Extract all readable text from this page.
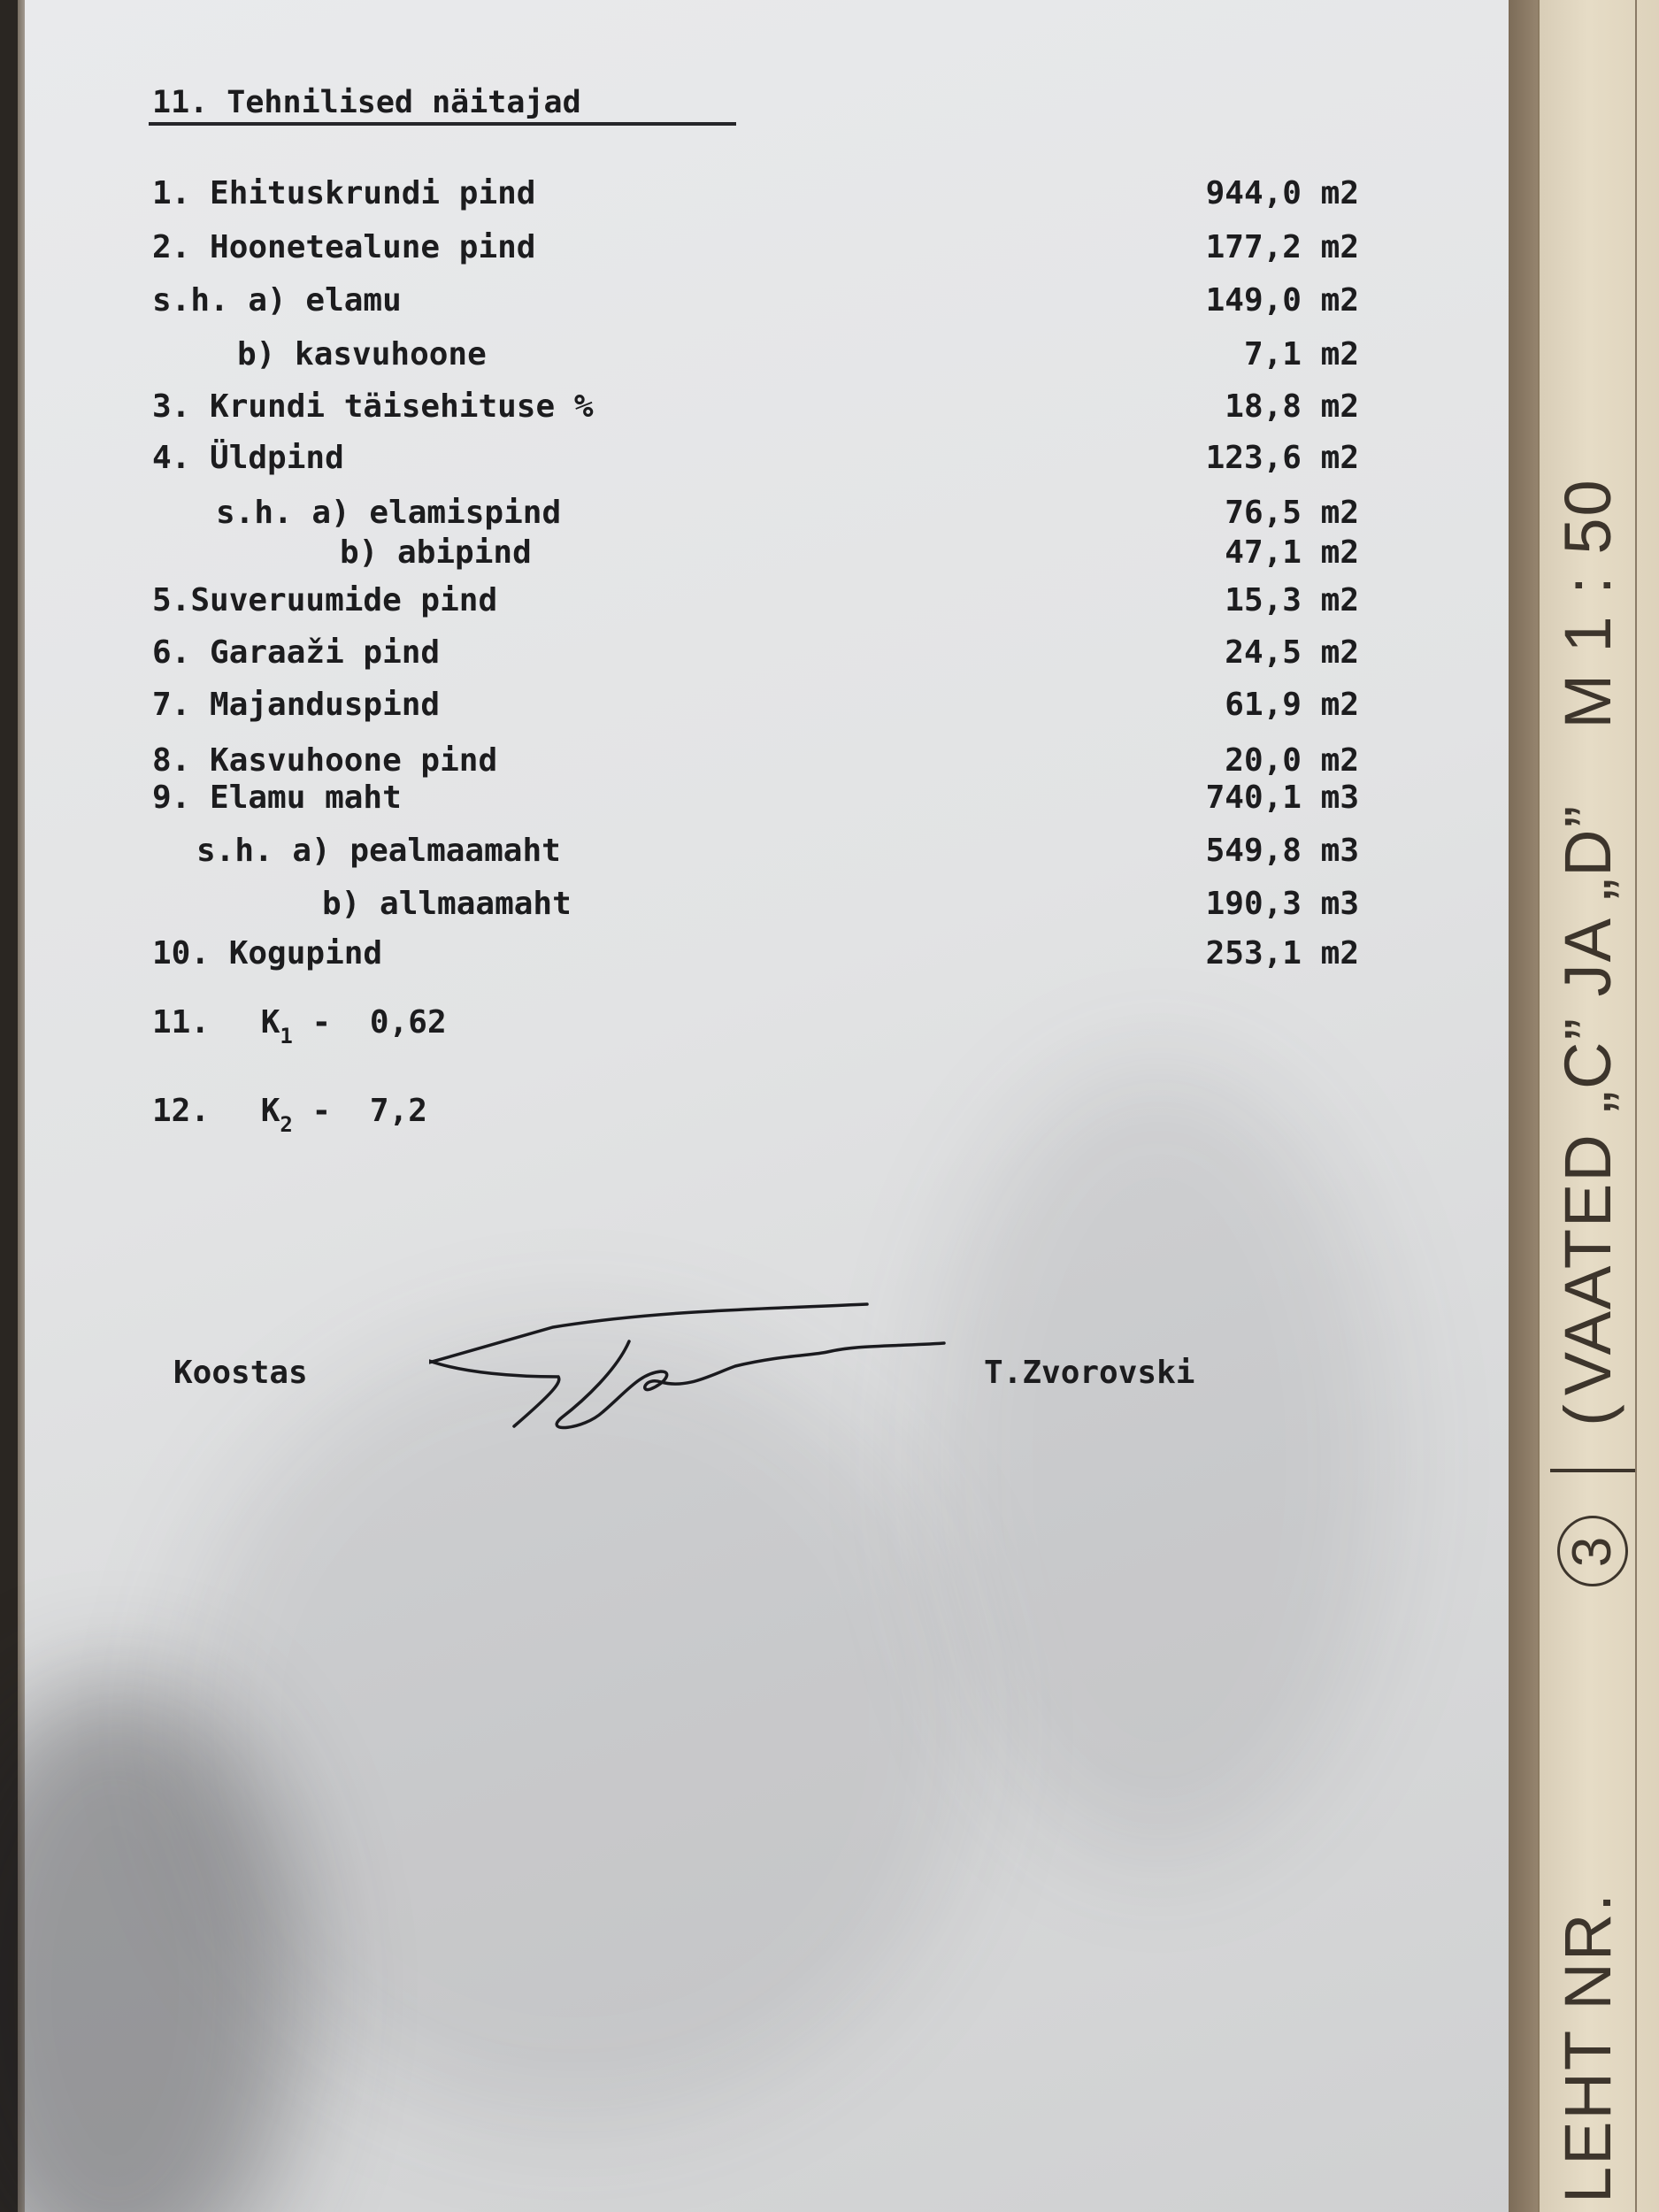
LEHT NR.  3  (VAATED „C” JA „D”  M 1 : 50
11. Tehnilised näitajad
1. Ehituskrundi pind	944,0 m2
2. Hoonetealune pind	177,2 m2
s.h. a) elamu	149,0 m2
b) kasvuhoone	7,1 m2
3. Krundi täisehituse %	18,8 m2
4. Üldpind	123,6 m2
s.h. a) elamispind	76,5 m2
b) abipind	47,1 m2
5.Suveruumide pind	15,3 m2
6. Garaaži pind	24,5 m2
7. Majanduspind	61,9 m2
8. Kasvuhoone pind	20,0 m2
9. Elamu maht	740,1 m3
s.h. a) pealmaamaht	549,8 m3
b) allmaamaht	190,3 m3
10. Kogupind	253,1 m2
11. $K_1 - 0,62$
12. $K_2 - 7,2$
Koostas	T.Zvorovski
